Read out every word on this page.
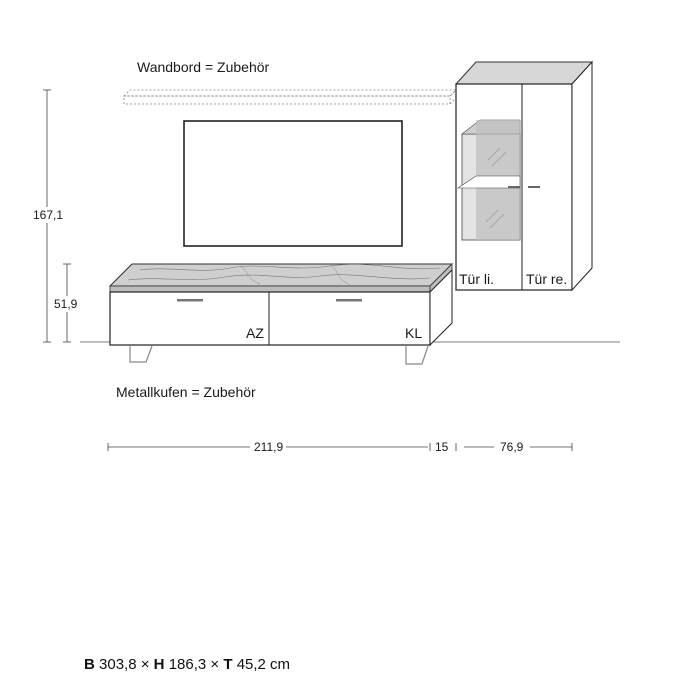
Wandbord = Zubehör
AZ	KL
Metallkufen = Zubehör
Tür li. Tür re.
167,1
51,9
211,9	15	76,9
B 303,8 × H 186,3 × T 45,2 cm
